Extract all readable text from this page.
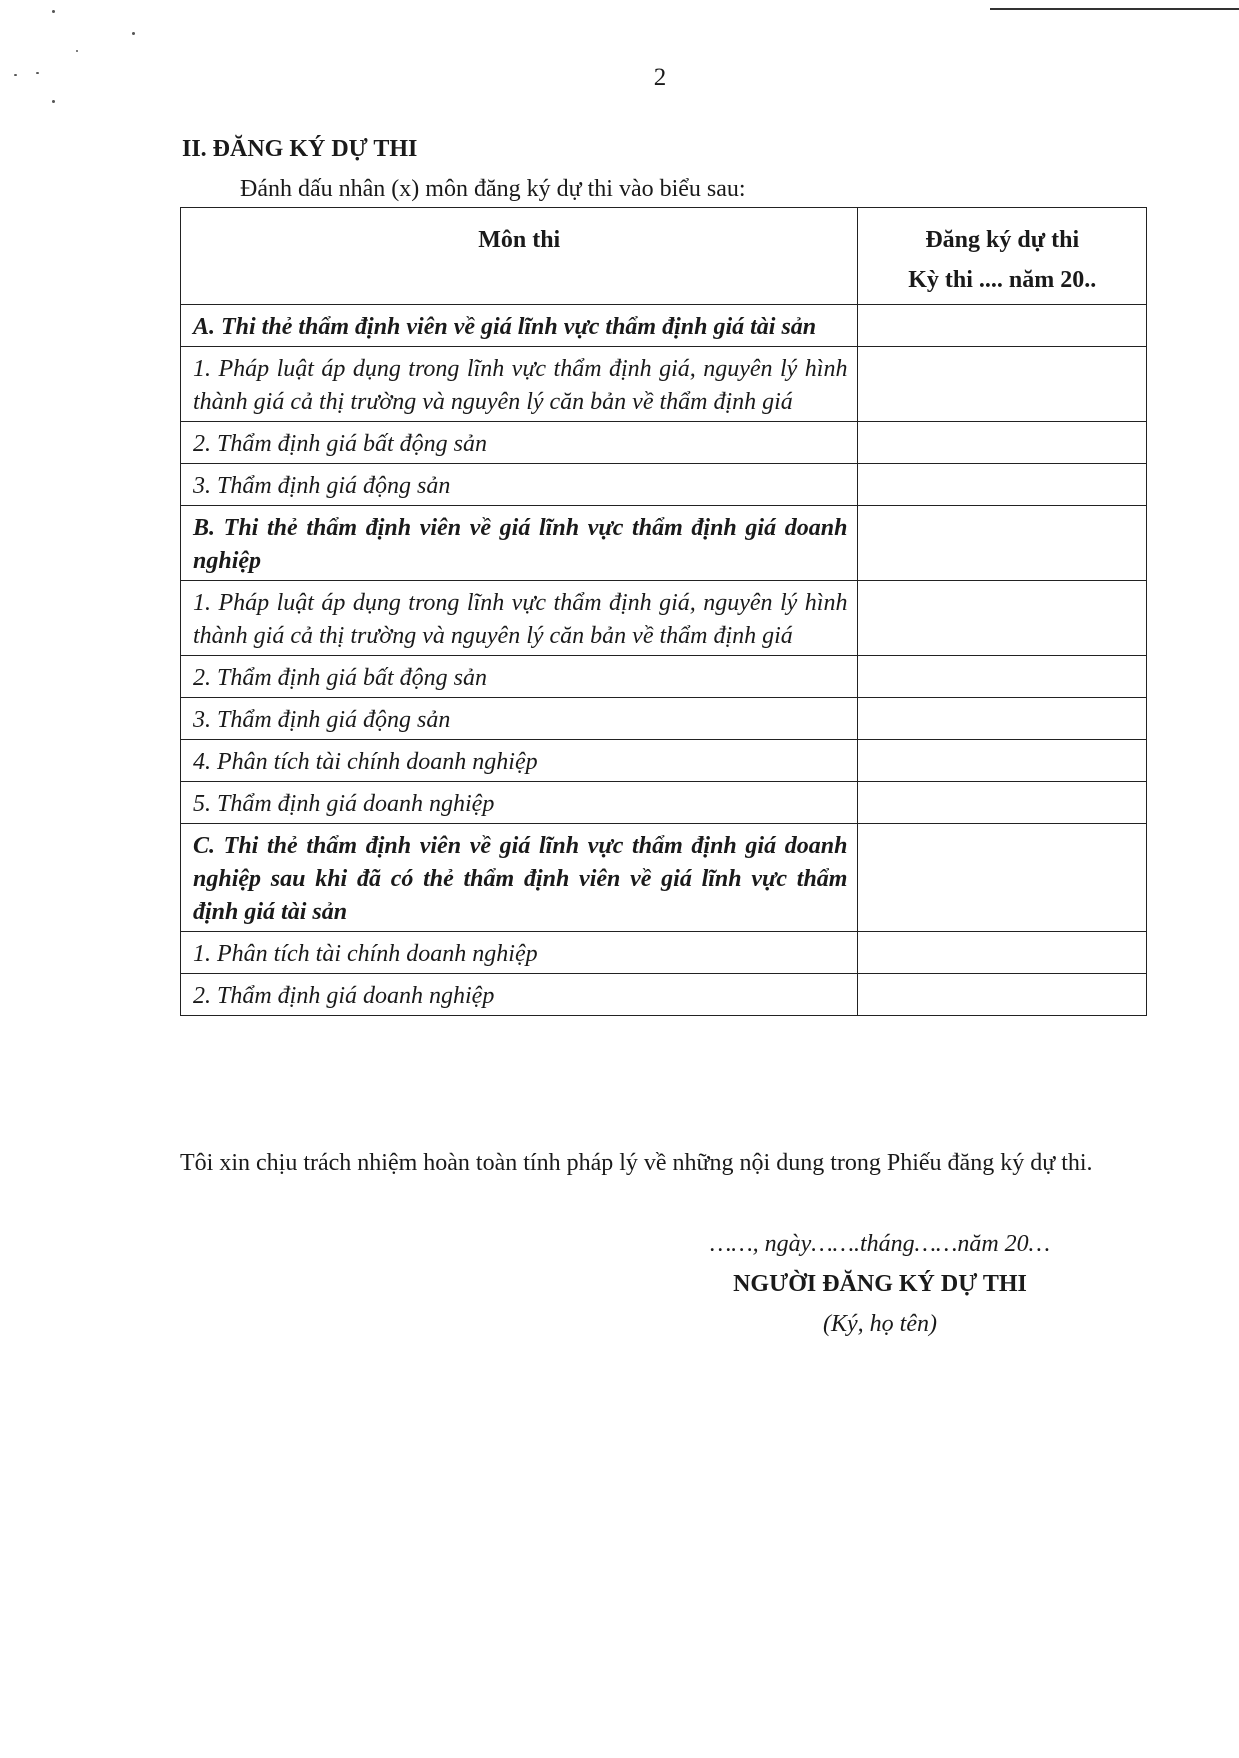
2
II. ĐĂNG KÝ DỰ THI
Đánh dấu nhân (x) môn đăng ký dự thi vào biểu sau:
Môn thi	Đăng ký dự thi
Kỳ thi .... năm 20..

A. Thi thẻ thẩm định viên về giá lĩnh vực thẩm định giá tài sản	
1. Pháp luật áp dụng trong lĩnh vực thẩm định giá, nguyên lý hình thành giá cả thị trường và nguyên lý căn bản về thẩm định giá	
2. Thẩm định giá bất động sản	
3. Thẩm định giá động sản	
B. Thi thẻ thẩm định viên về giá lĩnh vực thẩm định giá doanh nghiệp	
1. Pháp luật áp dụng trong lĩnh vực thẩm định giá, nguyên lý hình thành giá cả thị trường và nguyên lý căn bản về thẩm định giá	
2. Thẩm định giá bất động sản	
3. Thẩm định giá động sản	
4. Phân tích tài chính doanh nghiệp	
5. Thẩm định giá doanh nghiệp	
C. Thi thẻ thẩm định viên về giá lĩnh vực thẩm định giá doanh nghiệp sau khi đã có thẻ thẩm định viên về giá lĩnh vực thẩm định giá tài sản	
1. Phân tích tài chính doanh nghiệp	
2. Thẩm định giá doanh nghiệp	
Tôi xin chịu trách nhiệm hoàn toàn tính pháp lý về những nội dung trong Phiếu đăng ký dự thi.
……, ngày…….tháng……năm 20…
NGƯỜI ĐĂNG KÝ DỰ THI
(Ký, họ tên)
